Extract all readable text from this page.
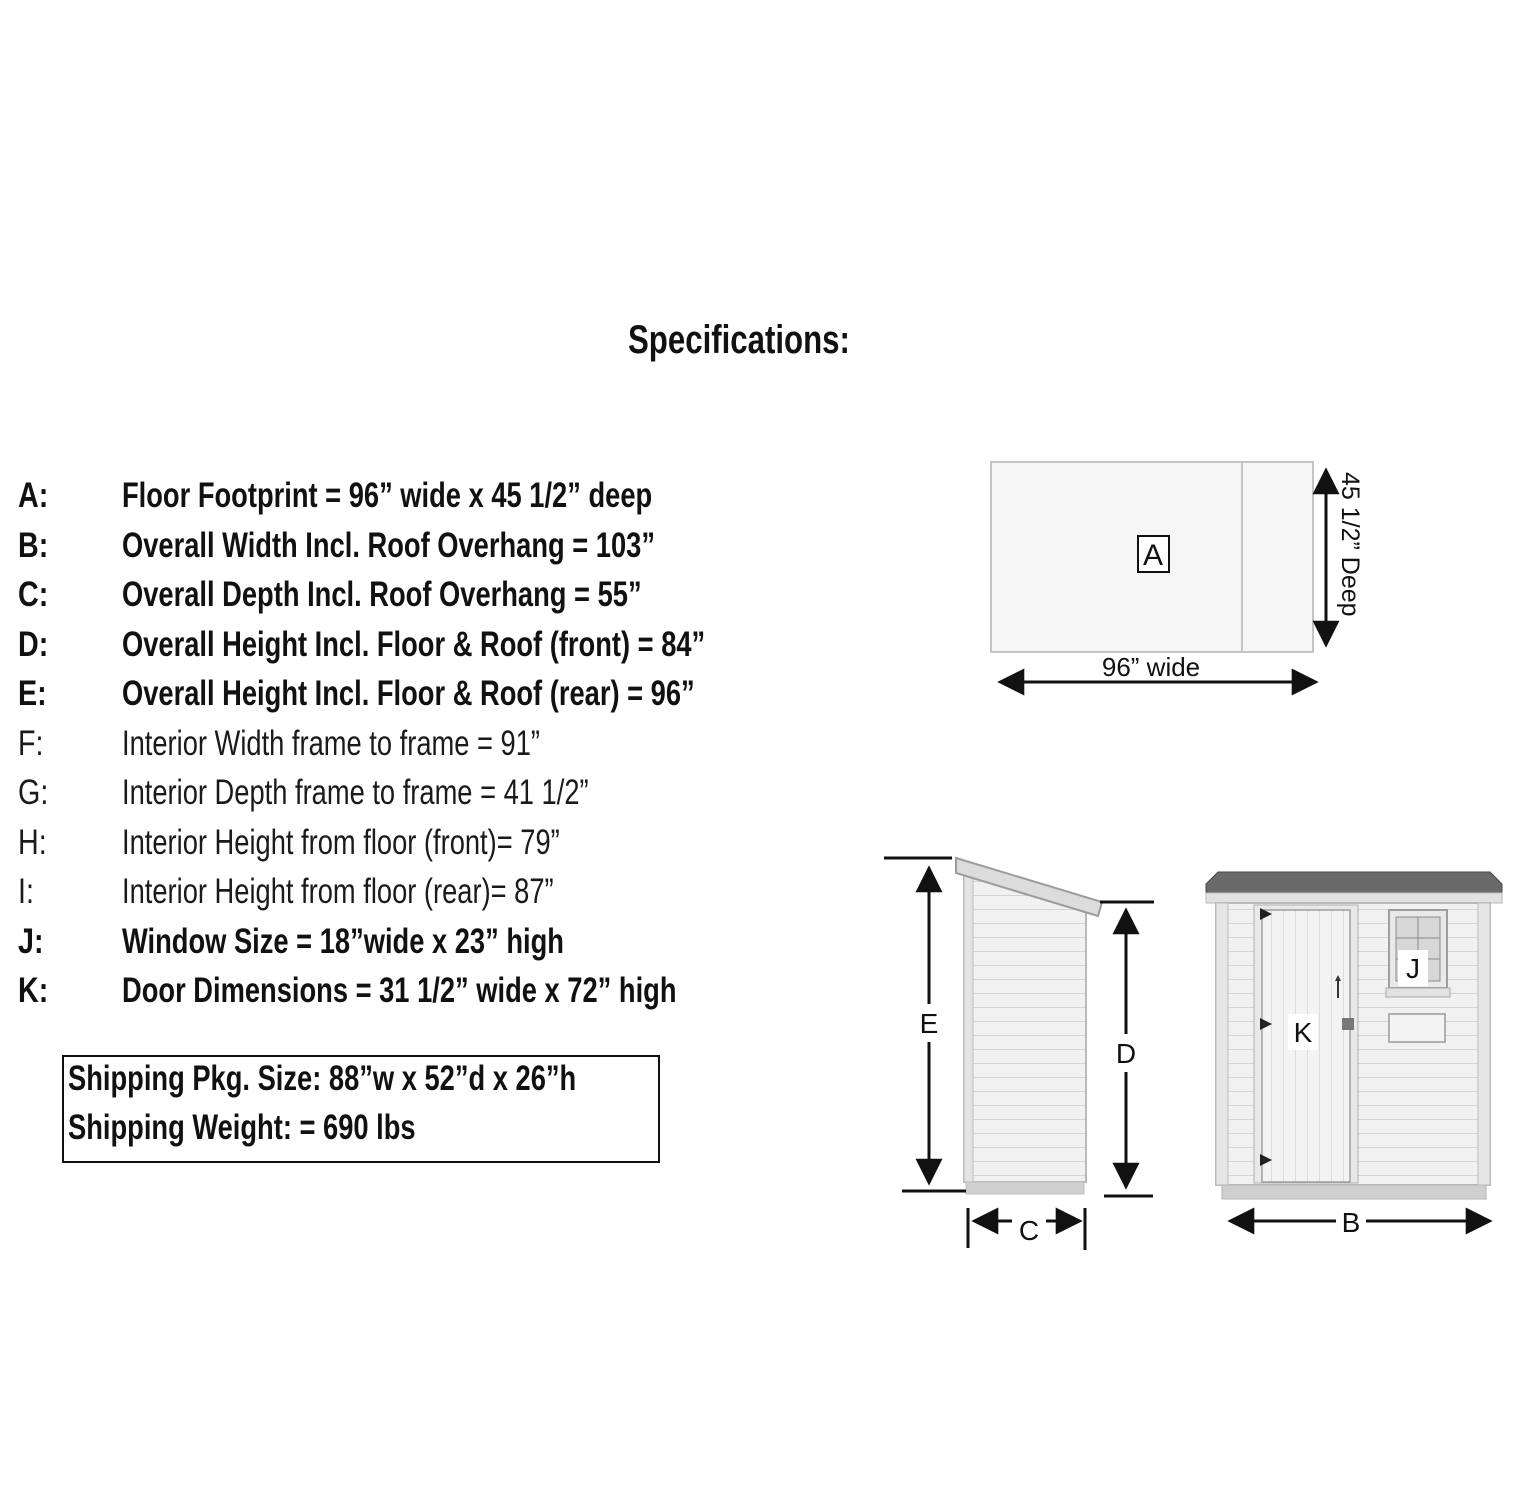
Specifications:
A: Floor Footprint = 96” wide x 45 1/2” deep
B: Overall Width Incl. Roof Overhang = 103”
C: Overall Depth Incl. Roof Overhang = 55”
D: Overall Height Incl. Floor & Roof (front) = 84”
E: Overall Height Incl. Floor & Roof (rear) = 96”
F: Interior Width frame to frame = 91”
G: Interior Depth frame to frame = 41 1/2”
H: Interior Height from floor (front)= 79”
I:	Interior Height from floor (rear)= 87”
J: Window Size = 18”wide x 23” high
K: Door Dimensions = 31 1/2” wide x 72” high
Shipping Pkg. Size: 88”w x 52”d x 26”h
Shipping Weight: = 690 lbs
A
96” wide
45 1/2” Deep
E
D
C
J
K
B
